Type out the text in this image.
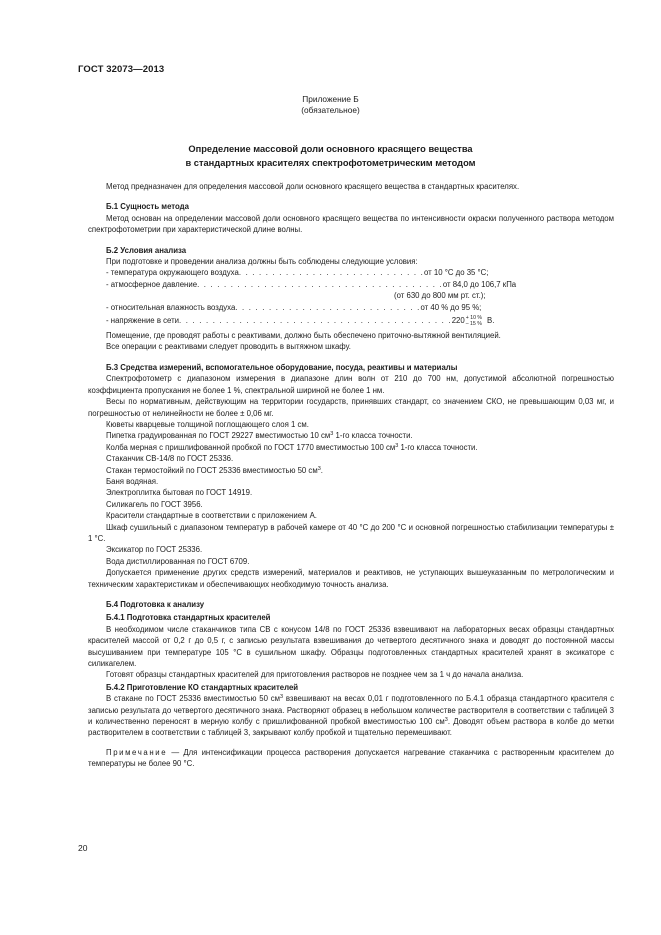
ГОСТ 32073—2013
Приложение Б
(обязательное)
Определение массовой доли основного красящего вещества
в стандартных красителях спектрофотометрическим методом

Метод предназначен для определения массовой доли основного красящего вещества в стандартных красителях.

Б.1 Сущность метода

Метод основан на определении массовой доли основного красящего вещества по интенсивности окраски полученного раствора методом спектрофотометрии при характеристической длине волны.

Б.2 Условия анализа

При подготовке и проведении анализа должны быть соблюдены следующие условия:

- температура окружающего воздуха . . . . . . . . . . . . . . . . . . . . . . . . . . . . от 10 °С до 35 °С;
- атмосферное давление . . . . . . . . . . . . . . . . . . . . . . . . . . . . . . . . . . . . . от 84,0 до 106,7 кПа
(от 630 до 800 мм рт. ст.);
- относительная влажность воздуха . . . . . . . . . . . . . . . . . . . . . . . . . . . . от 40 % до 95 %;
- напряжение в сети . . . . . . . . . . . . . . . . . . . . . . . . . . . . . . . . . . . . . . . . . 220 + 10 %
– 15 % В.

Помещение, где проводят работы с реактивами, должно быть обеспечено приточно-вытяжной вентиляцией.

Все операции с реактивами следует проводить в вытяжном шкафу.

Б.3 Средства измерений, вспомогательное оборудование, посуда, реактивы и материалы

Спектрофотометр с диапазоном измерения в диапазоне длин волн от 210 до 700 нм, допустимой абсолютной погрешностью коэффициента пропускания не более 1 %, спектральной шириной не более 1 нм.

Весы по нормативным, действующим на территории государств, принявших стандарт, со значением СКО, не превышающим 0,03 мг, и погрешностью от нелинейности не более ± 0,06 мг.

Кюветы кварцевые толщиной поглощающего слоя 1 см.

Пипетка градуированная по ГОСТ 29227 вместимостью 10 $см^3$ 1-го класса точности.

Колба мерная с пришлифованной пробкой по ГОСТ 1770 вместимостью 100 $см^3$ 1-го класса точности.

Стаканчик СВ-14/8 по ГОСТ 25336.

Стакан термостойкий по ГОСТ 25336 вместимостью 50 $см^3$.

Баня водяная.

Электроплитка бытовая по ГОСТ 14919.

Силикагель по ГОСТ 3956.

Красители стандартные в соответствии с приложением А.

Шкаф сушильный с диапазоном температур в рабочей камере от 40 °С до 200 °С и основной погрешностью стабилизации температуры ± 1 °С.

Эксикатор по ГОСТ 25336.

Вода дистиллированная по ГОСТ 6709.

Допускается применение других средств измерений, материалов и реактивов, не уступающих вышеуказанным по метрологическим и техническим характеристикам и обеспечивающих необходимую точность анализа.

Б.4 Подготовка к анализу
Б.4.1 Подготовка стандартных красителей

В необходимом числе стаканчиков типа СВ с конусом 14/8 по ГОСТ 25336 взвешивают на лабораторных весах образцы стандартных красителей массой от 0,2 г до 0,5 г, с записью результата взвешивания до четвертого десятичного знака и доводят до постоянной массы высушиванием при температуре 105 °С в сушильном шкафу. Образцы подготовленных стандартных красителей хранят в эксикаторе с силикагелем.

Готовят образцы стандартных красителей для приготовления растворов не позднее чем за 1 ч до начала анализа.

Б.4.2 Приготовление КО стандартных красителей

В стакане по ГОСТ 25336 вместимостью 50 $см^3$ взвешивают на весах 0,01 г подготовленного по Б.4.1 образца стандартного красителя с записью результата до четвертого десятичного знака. Растворяют образец в небольшом количестве растворителя в соответствии с таблицей 3 и количественно переносят в мерную колбу с пришлифованной пробкой вместимостью 100 $см^3$. Доводят объем раствора в колбе до метки растворителем в соответствии с таблицей 3, закрывают колбу пробкой и тщательно перемешивают.

Примечание — Для интенсификации процесса растворения допускается нагревание стаканчика с растворенным красителем до температуры не более 90 °С.

20
